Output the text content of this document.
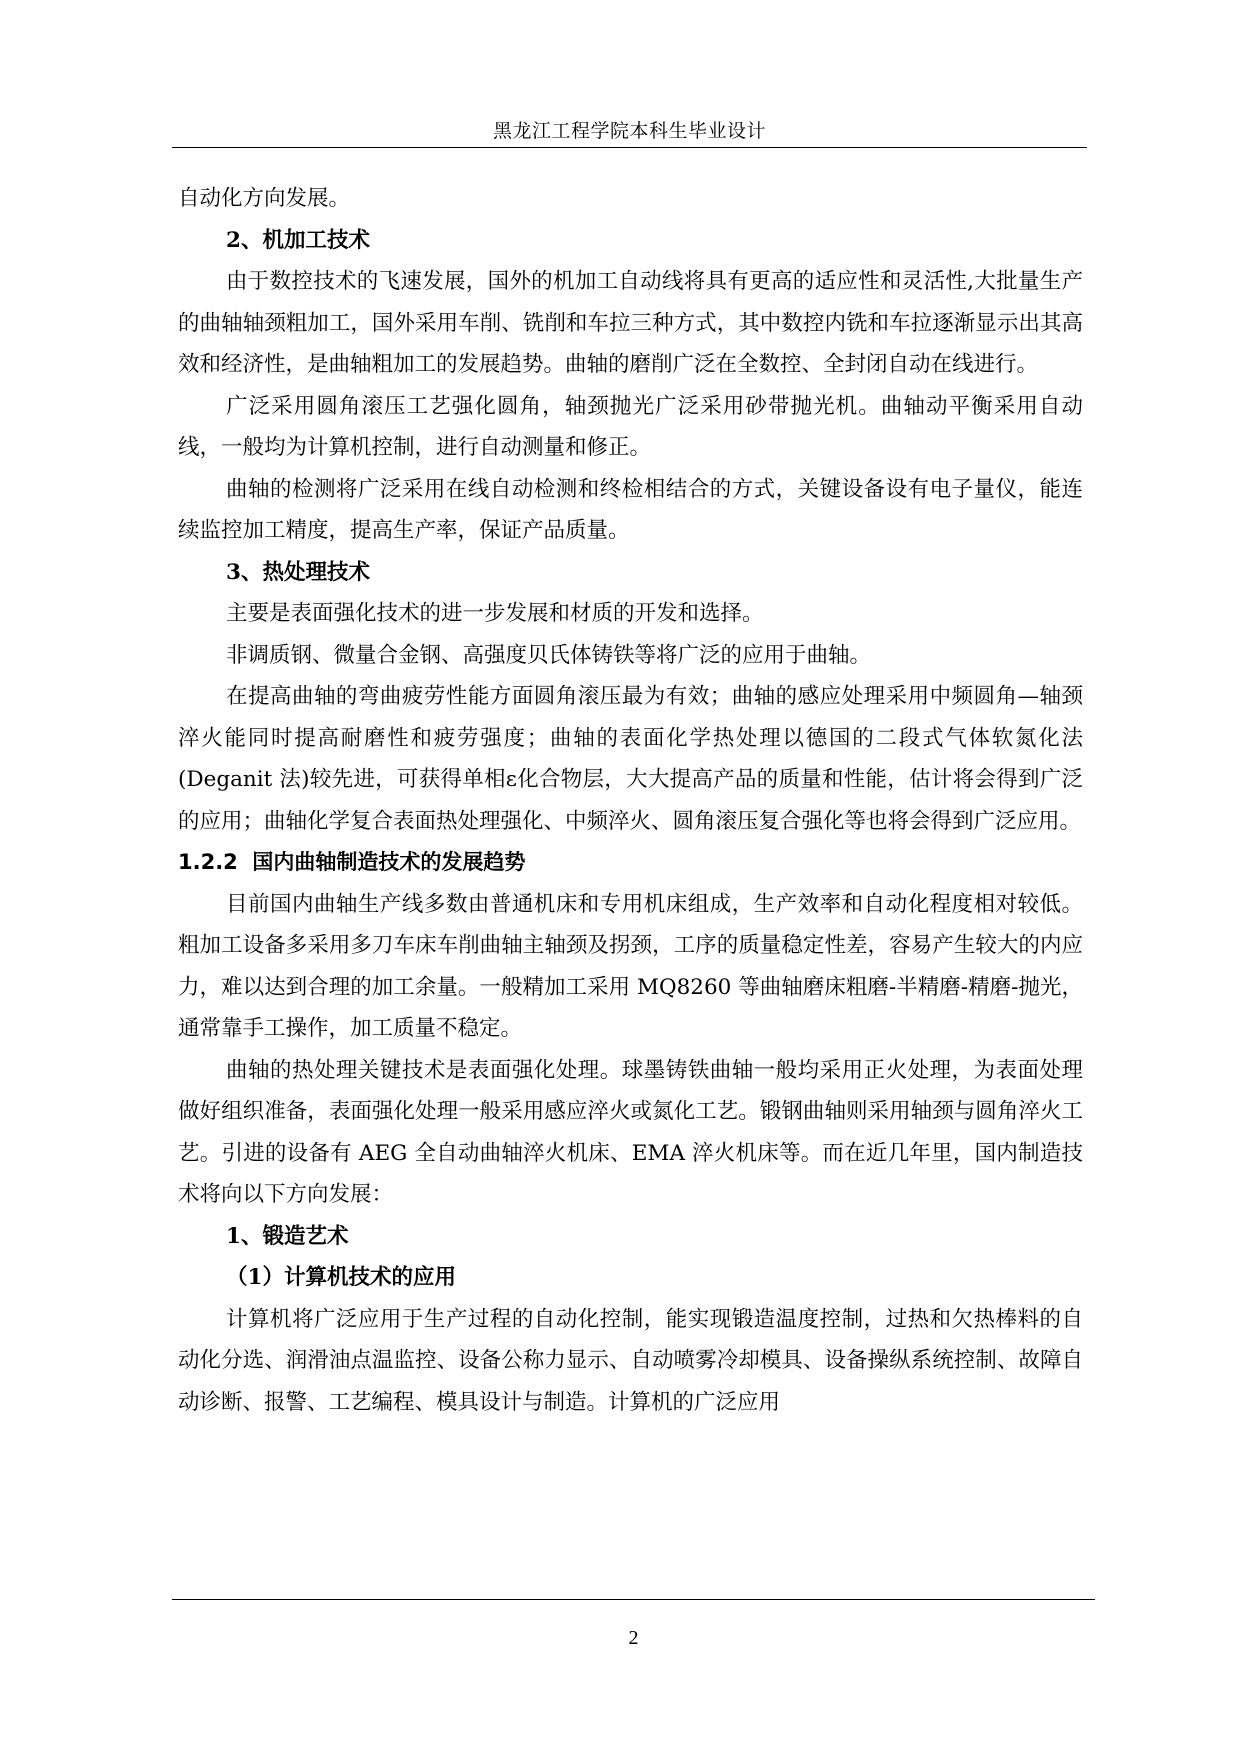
黑龙江工程学院本科生毕业设计

自动化方向发展。

2、机加工技术

由于数控技术的飞速发展，国外的机加工自动线将具有更高的适应性和灵活性,大批量生产的曲轴轴颈粗加工，国外采用车削、铣削和车拉三种方式，其中数控内铣和车拉逐渐显示出其高效和经济性，是曲轴粗加工的发展趋势。曲轴的磨削广泛在全数控、全封闭自动在线进行。

广泛采用圆角滚压工艺强化圆角，轴颈抛光广泛采用砂带抛光机。曲轴动平衡采用自动线，一般均为计算机控制，进行自动测量和修正。

曲轴的检测将广泛采用在线自动检测和终检相结合的方式，关键设备设有电子量仪，能连续监控加工精度，提高生产率，保证产品质量。

3、热处理技术

主要是表面强化技术的进一步发展和材质的开发和选择。

非调质钢、微量合金钢、高强度贝氏体铸铁等将广泛的应用于曲轴。

在提高曲轴的弯曲疲劳性能方面圆角滚压最为有效；曲轴的感应处理采用中频圆角—轴颈淬火能同时提高耐磨性和疲劳强度；曲轴的表面化学热处理以德国的二段式气体软氮化法(Deganit 法)较先进，可获得单相ε化合物层，大大提高产品的质量和性能，估计将会得到广泛的应用；曲轴化学复合表面热处理强化、中频淬火、圆角滚压复合强化等也将会得到广泛应用。

1.2.2 国内曲轴制造技术的发展趋势

目前国内曲轴生产线多数由普通机床和专用机床组成，生产效率和自动化程度相对较低。粗加工设备多采用多刀车床车削曲轴主轴颈及拐颈，工序的质量稳定性差，容易产生较大的内应力，难以达到合理的加工余量。一般精加工采用 MQ8260 等曲轴磨床粗磨-半精磨-精磨-抛光，通常靠手工操作，加工质量不稳定。

曲轴的热处理关键技术是表面强化处理。球墨铸铁曲轴一般均采用正火处理，为表面处理做好组织准备，表面强化处理一般采用感应淬火或氮化工艺。锻钢曲轴则采用轴颈与圆角淬火工艺。引进的设备有 AEG 全自动曲轴淬火机床、EMA 淬火机床等。而在近几年里，国内制造技术将向以下方向发展：

1、锻造艺术

（1）计算机技术的应用

计算机将广泛应用于生产过程的自动化控制，能实现锻造温度控制，过热和欠热棒料的自动化分选、润滑油点温监控、设备公称力显示、自动喷雾冷却模具、设备操纵系统控制、故障自动诊断、报警、工艺编程、模具设计与制造。计算机的广泛应用

2
